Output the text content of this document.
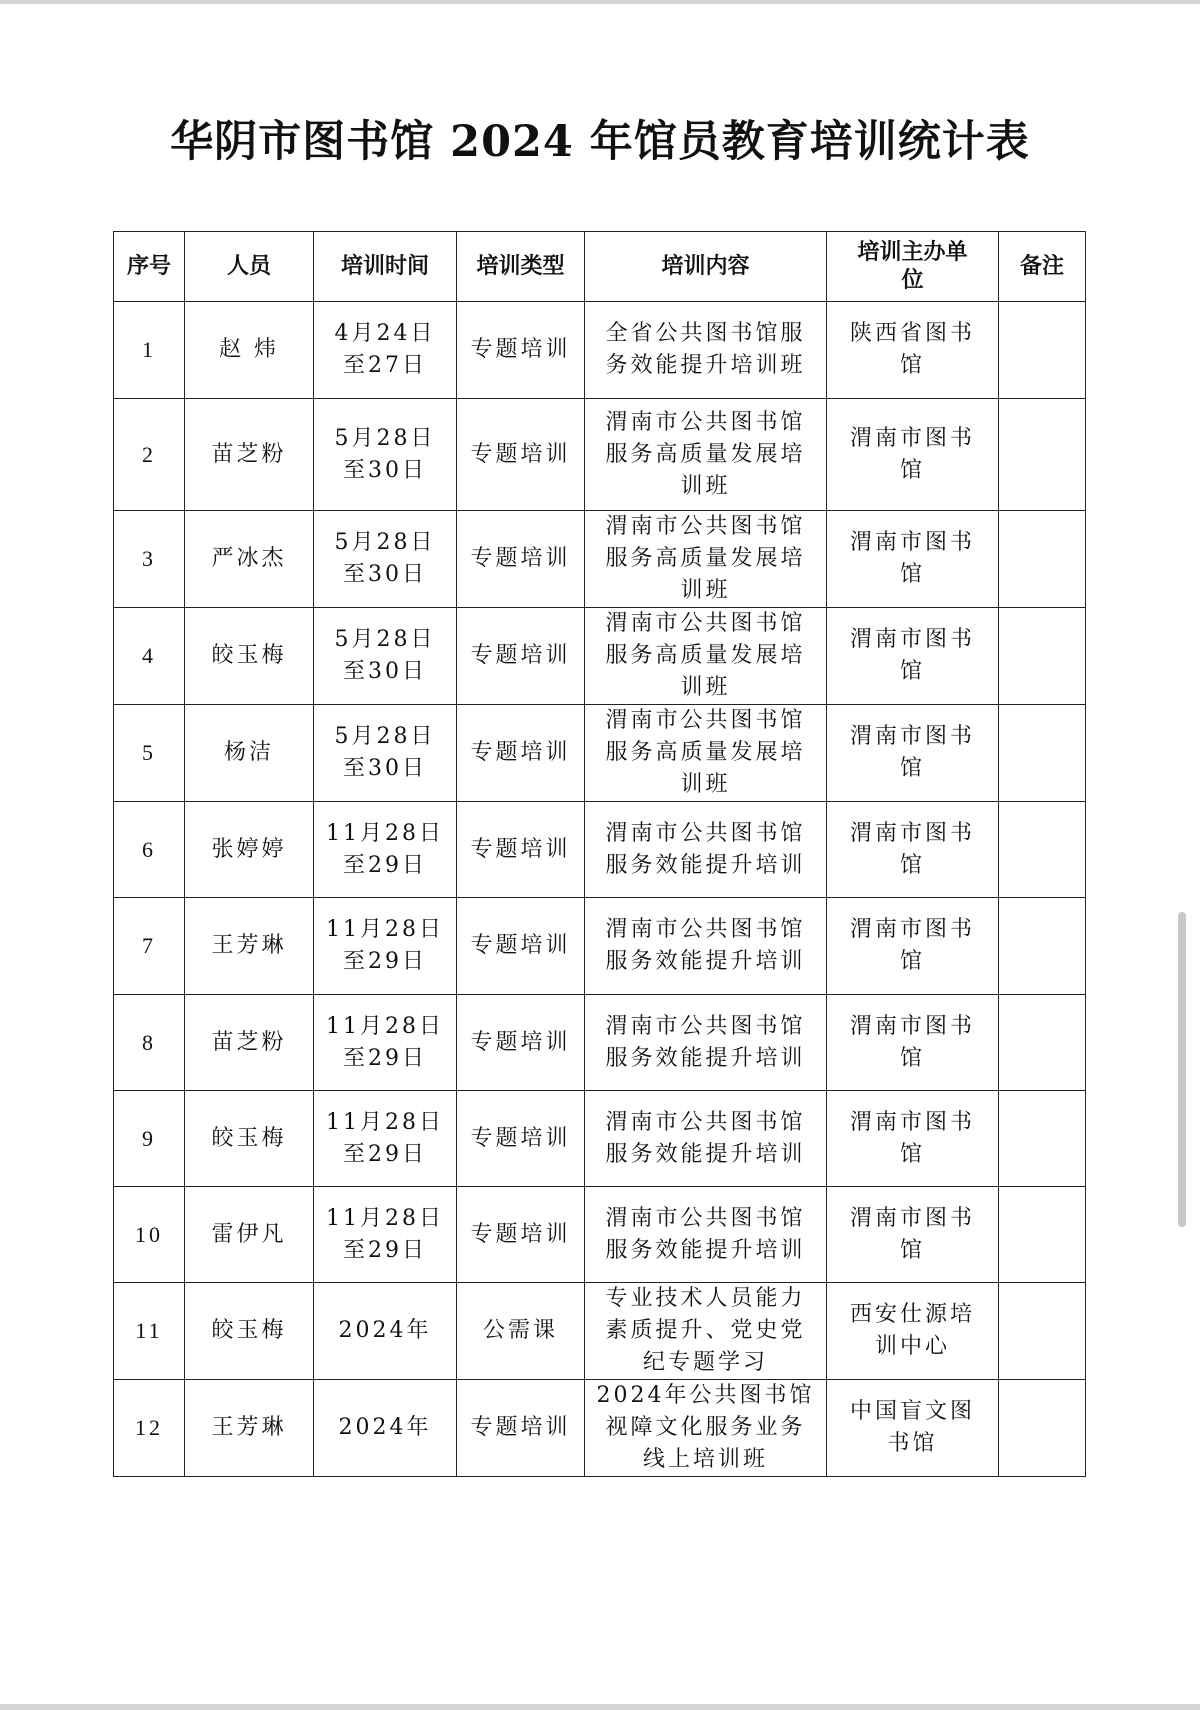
华阴市图书馆 2024 年馆员教育培训统计表
序号	人员	培训时间	培训类型	培训内容	培训主办单位	备注
1	赵 炜	4月24日至27日	专题培训	全省公共图书馆服务效能提升培训班	陕西省图书馆	
2	苗芝粉	5月28日至30日	专题培训	渭南市公共图书馆服务高质量发展培训班	渭南市图书馆	
3	严冰杰	5月28日至30日	专题培训	渭南市公共图书馆服务高质量发展培训班	渭南市图书馆	
4	皎玉梅	5月28日至30日	专题培训	渭南市公共图书馆服务高质量发展培训班	渭南市图书馆	
5	杨洁	5月28日至30日	专题培训	渭南市公共图书馆服务高质量发展培训班	渭南市图书馆	
6	张婷婷	11月28日至29日	专题培训	渭南市公共图书馆服务效能提升培训	渭南市图书馆	
7	王芳琳	11月28日至29日	专题培训	渭南市公共图书馆服务效能提升培训	渭南市图书馆	
8	苗芝粉	11月28日至29日	专题培训	渭南市公共图书馆服务效能提升培训	渭南市图书馆	
9	皎玉梅	11月28日至29日	专题培训	渭南市公共图书馆服务效能提升培训	渭南市图书馆	
10	雷伊凡	11月28日至29日	专题培训	渭南市公共图书馆服务效能提升培训	渭南市图书馆	
11	皎玉梅	2024年	公需课	专业技术人员能力素质提升、党史党纪专题学习	西安仕源培训中心	
12	王芳琳	2024年	专题培训	2024年公共图书馆视障文化服务业务线上培训班	中国盲文图书馆	
